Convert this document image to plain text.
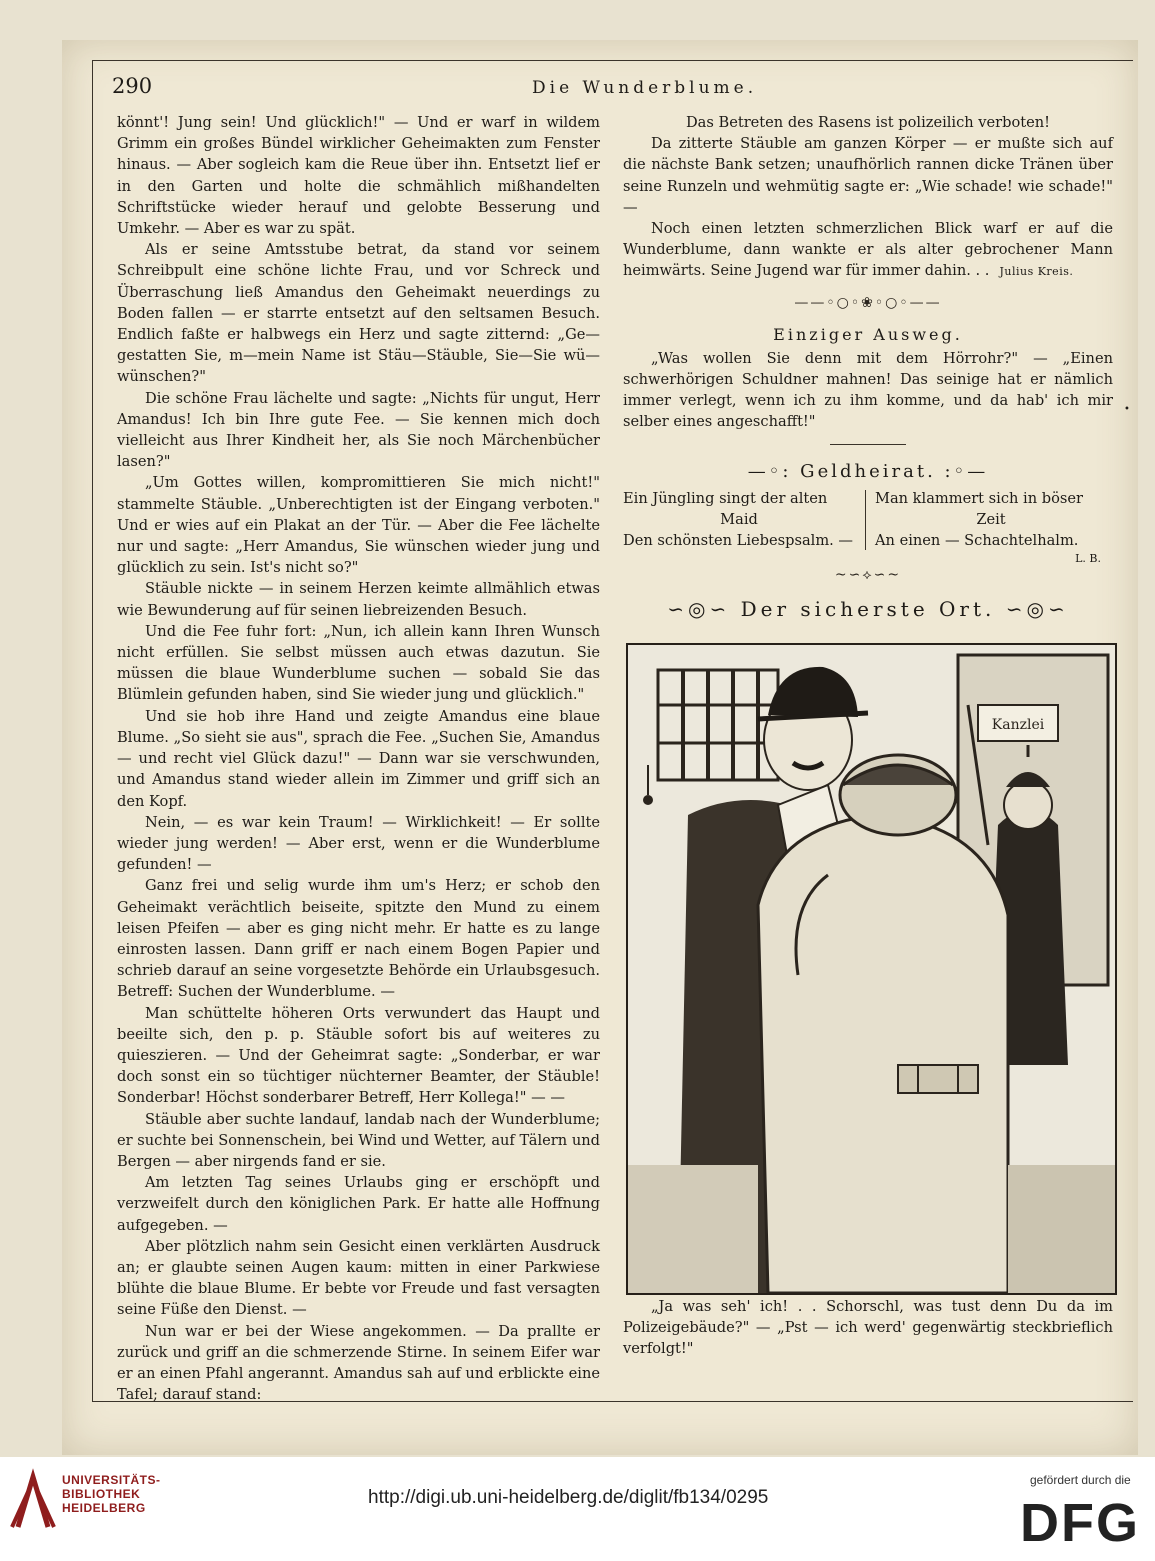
290	Die Wunderblume.

könnt'! Jung sein! Und glücklich!" — Und er warf in wildem Grimm ein großes Bündel wirklicher Geheimakten zum Fenster hinaus. — Aber sogleich kam die Reue über ihn. Entsetzt lief er in den Garten und holte die schmählich mißhandelten Schriftstücke wieder herauf und gelobte Besserung und Umkehr. — Aber es war zu spät.

Als er seine Amtsstube betrat, da stand vor seinem Schreibpult eine schöne lichte Frau, und vor Schreck und Überraschung ließ Amandus den Geheimakt neuerdings zu Boden fallen — er starrte entsetzt auf den seltsamen Besuch. Endlich faßte er halbwegs ein Herz und sagte zitternd: „Ge—gestatten Sie, m—mein Name ist Stäu—Stäuble, Sie—Sie wü—wünschen?"

Die schöne Frau lächelte und sagte: „Nichts für ungut, Herr Amandus! Ich bin Ihre gute Fee. — Sie kennen mich doch vielleicht aus Ihrer Kindheit her, als Sie noch Märchenbücher lasen?"

„Um Gottes willen, kompromittieren Sie mich nicht!" stammelte Stäuble. „Unberechtigten ist der Eingang verboten." Und er wies auf ein Plakat an der Tür. — Aber die Fee lächelte nur und sagte: „Herr Amandus, Sie wünschen wieder jung und glücklich zu sein. Ist's nicht so?"

Stäuble nickte — in seinem Herzen keimte allmählich etwas wie Bewunderung auf für seinen liebreizenden Besuch.

Und die Fee fuhr fort: „Nun, ich allein kann Ihren Wunsch nicht erfüllen. Sie selbst müssen auch etwas dazutun. Sie müssen die blaue Wunderblume suchen — sobald Sie das Blümlein gefunden haben, sind Sie wieder jung und glücklich."

Und sie hob ihre Hand und zeigte Amandus eine blaue Blume. „So sieht sie aus", sprach die Fee. „Suchen Sie, Amandus — und recht viel Glück dazu!" — Dann war sie verschwunden, und Amandus stand wieder allein im Zimmer und griff sich an den Kopf.

Nein, — es war kein Traum! — Wirklichkeit! — Er sollte wieder jung werden! — Aber erst, wenn er die Wunderblume gefunden! —

Ganz frei und selig wurde ihm um's Herz; er schob den Geheimakt verächtlich beiseite, spitzte den Mund zu einem leisen Pfeifen — aber es ging nicht mehr. Er hatte es zu lange einrosten lassen. Dann griff er nach einem Bogen Papier und schrieb darauf an seine vorgesetzte Behörde ein Urlaubsgesuch. Betreff: Suchen der Wunderblume. —

Man schüttelte höheren Orts verwundert das Haupt und beeilte sich, den p. p. Stäuble sofort bis auf weiteres zu quieszieren. — Und der Geheimrat sagte: „Sonderbar, er war doch sonst ein so tüchtiger nüchterner Beamter, der Stäuble! Sonderbar! Höchst sonderbarer Betreff, Herr Kollega!" — —

Stäuble aber suchte landauf, landab nach der Wunderblume; er suchte bei Sonnenschein, bei Wind und Wetter, auf Tälern und Bergen — aber nirgends fand er sie.

Am letzten Tag seines Urlaubs ging er erschöpft und verzweifelt durch den königlichen Park. Er hatte alle Hoffnung aufgegeben. —

Aber plötzlich nahm sein Gesicht einen verklärten Ausdruck an; er glaubte seinen Augen kaum: mitten in einer Parkwiese blühte die blaue Blume. Er bebte vor Freude und fast versagten seine Füße den Dienst. —

Nun war er bei der Wiese angekommen. — Da prallte er zurück und griff an die schmerzende Stirne. In seinem Eifer war er an einen Pfahl angerannt. Amandus sah auf und erblickte eine Tafel; darauf stand:

Das Betreten des Rasens ist polizeilich verboten!

Da zitterte Stäuble am ganzen Körper — er mußte sich auf die nächste Bank setzen; unaufhörlich rannen dicke Tränen über seine Runzeln und wehmütig sagte er: „Wie schade! wie schade!" —

Noch einen letzten schmerzlichen Blick warf er auf die Wunderblume, dann wankte er als alter gebrochener Mann heimwärts. Seine Jugend war für immer dahin. . . Julius Kreis.

——◦○◦❀◦○◦——

Einziger Ausweg.

„Was wollen Sie denn mit dem Hörrohr?" — „Einen schwerhörigen Schuldner mahnen! Das seinige hat er nämlich immer verlegt, wenn ich zu ihm komme, und da hab' ich mir selber eines angeschafft!"

—◦: Geldheirat. :◦—

Ein Jüngling singt der alten
Maid
Den schönsten Liebespsalm. —
Man klammert sich in böser
Zeit
An einen — Schachtelhalm.
L. B.
~∽⟡∽~

∽◎∽ Der sicherste Ort. ∽◎∽

Kanzlei

„Ja was seh' ich! . . Schorschl, was tust denn Du da im Polizeigebäude?" — „Pst — ich werd' gegenwärtig steckbrieflich verfolgt!"

•
UNIVERSITÄTS-
BIBLIOTHEK
HEIDELBERG	http://digi.ub.uni-heidelberg.de/diglit/fb134/0295
gefördert durch die
DFG
